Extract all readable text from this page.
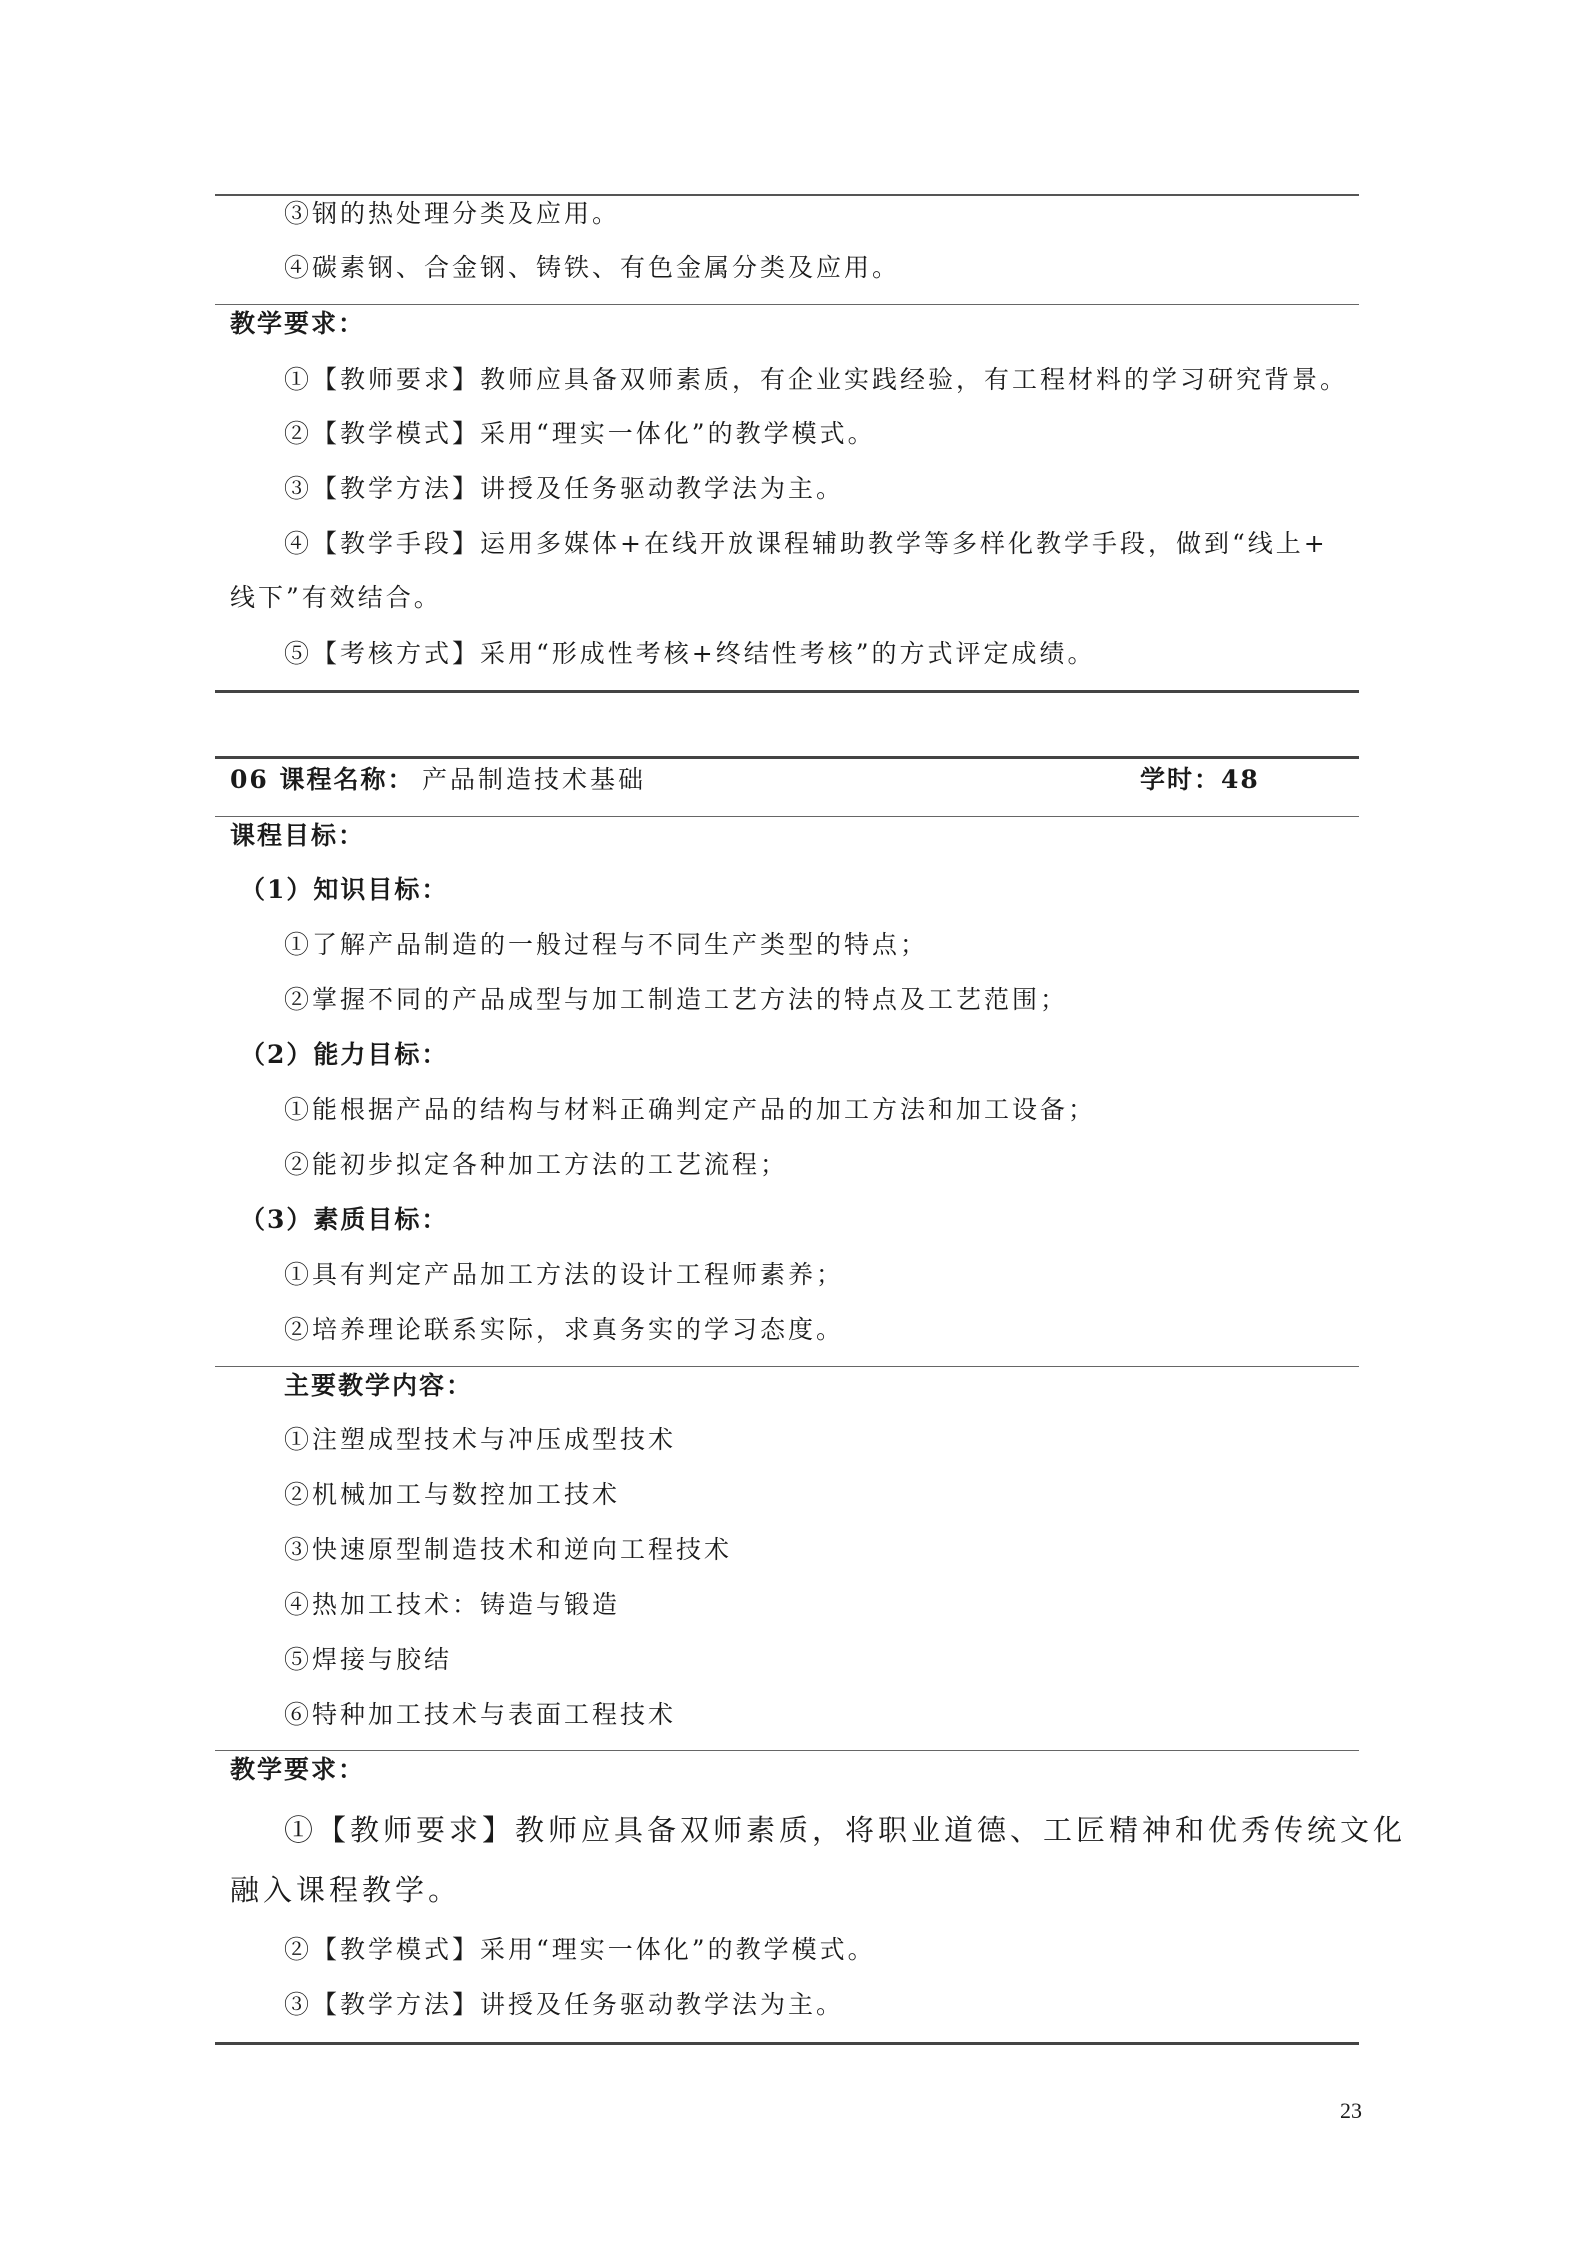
③钢的热处理分类及应用。
④碳素钢、合金钢、铸铁、有色金属分类及应用。
教学要求：
①【教师要求】教师应具备双师素质，有企业实践经验，有工程材料的学习研究背景。
②【教学模式】采用“理实一体化”的教学模式。
③【教学方法】讲授及任务驱动教学法为主。
④【教学手段】运用多媒体+在线开放课程辅助教学等多样化教学手段，做到“线上+
线下”有效结合。
⑤【考核方式】采用“形成性考核+终结性考核”的方式评定成绩。
06 课程名称： 产品制造技术基础	学时：48
课程目标：
（1）知识目标：
①了解产品制造的一般过程与不同生产类型的特点；
②掌握不同的产品成型与加工制造工艺方法的特点及工艺范围；
（2）能力目标：
①能根据产品的结构与材料正确判定产品的加工方法和加工设备；
②能初步拟定各种加工方法的工艺流程；
（3）素质目标：
①具有判定产品加工方法的设计工程师素养；
②培养理论联系实际，求真务实的学习态度。
主要教学内容：
①注塑成型技术与冲压成型技术
②机械加工与数控加工技术
③快速原型制造技术和逆向工程技术
④热加工技术：铸造与锻造
⑤焊接与胶结
⑥特种加工技术与表面工程技术
教学要求：
①【教师要求】教师应具备双师素质，将职业道德、工匠精神和优秀传统文化
融入课程教学。
②【教学模式】采用“理实一体化”的教学模式。
③【教学方法】讲授及任务驱动教学法为主。
23
